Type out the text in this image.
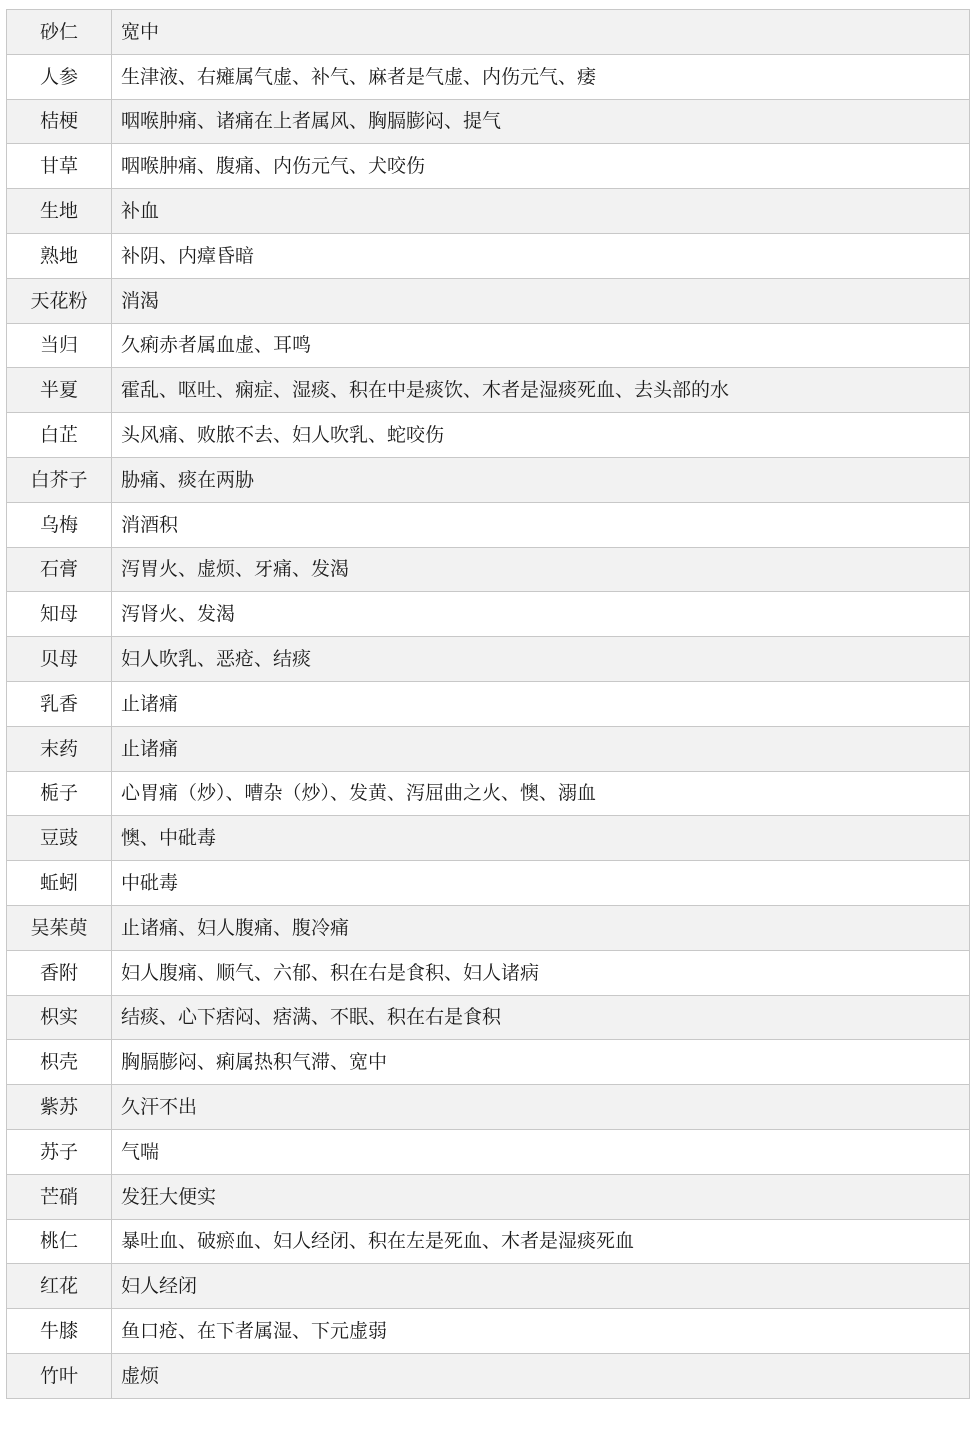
砂仁	宽中
人参	生津液、右瘫属气虚、补气、麻者是气虚、内伤元气、痿
桔梗	咽喉肿痛、诸痛在上者属风、胸膈膨闷、提气
甘草	咽喉肿痛、腹痛、内伤元气、犬咬伤
生地	补血
熟地	补阴、内瘴昏暗
天花粉	消渴
当归	久痢赤者属血虚、耳鸣
半夏	霍乱、呕吐、痫症、湿痰、积在中是痰饮、木者是湿痰死血、去头部的水
白芷	头风痛、败脓不去、妇人吹乳、蛇咬伤
白芥子	胁痛、痰在两胁
乌梅	消酒积
石膏	泻胃火、虚烦、牙痛、发渴
知母	泻肾火、发渴
贝母	妇人吹乳、恶疮、结痰
乳香	止诸痛
末药	止诸痛
栀子	心胃痛（炒）、嘈杂（炒）、发黄、泻屈曲之火、懊、溺血
豆豉	懊、中砒毒
蚯蚓	中砒毒
吴茱萸	止诸痛、妇人腹痛、腹冷痛
香附	妇人腹痛、顺气、六郁、积在右是食积、妇人诸病
枳实	结痰、心下痞闷、痞满、不眠、积在右是食积
枳壳	胸膈膨闷、痢属热积气滞、宽中
紫苏	久汗不出
苏子	气喘
芒硝	发狂大便实
桃仁	暴吐血、破瘀血、妇人经闭、积在左是死血、木者是湿痰死血
红花	妇人经闭
牛膝	鱼口疮、在下者属湿、下元虚弱
竹叶	虚烦
